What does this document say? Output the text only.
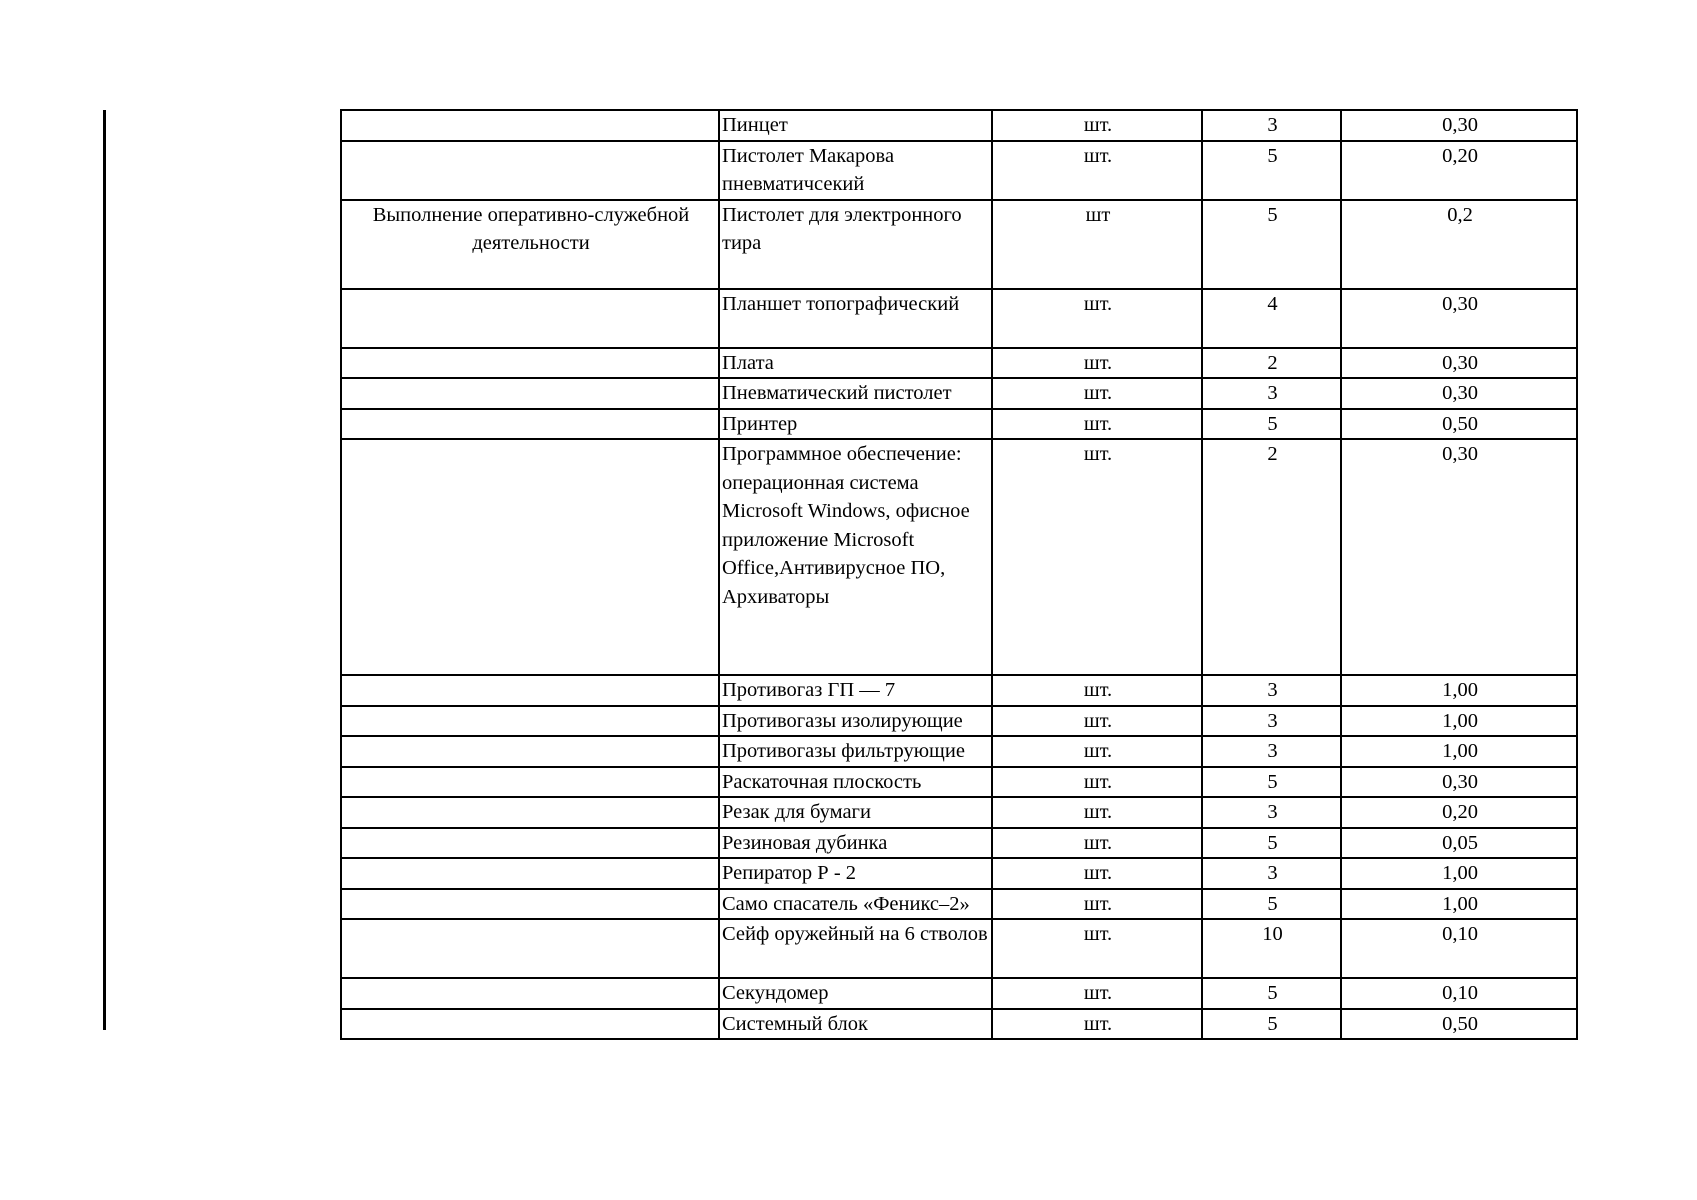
	Пинцет	шт.	3	0,30
	Пистолет Макарова пневматичсекий	шт.	5	0,20
Выполнение оперативно-служебной деятельности	Пистолет для электронного тира	шт	5	0,2
	Планшет топографический	шт.	4	0,30
	Плата	шт.	2	0,30
	Пневматический пистолет	шт.	3	0,30
	Принтер	шт.	5	0,50
	Программное обеспечение: операционная система Microsoft Windows, офисное приложение Microsoft Office,Антивирусное ПО, Архиваторы	шт.	2	0,30
	Противогаз ГП — 7	шт.	3	1,00
	Противогазы изолирующие	шт.	3	1,00
	Противогазы фильтрующие	шт.	3	1,00
	Раскаточная плоскость	шт.	5	0,30
	Резак для бумаги	шт.	3	0,20
	Резиновая дубинка	шт.	5	0,05
	Репиратор Р - 2	шт.	3	1,00
	Само спасатель «Феникс–2»	шт.	5	1,00
	Сейф оружейный на 6 стволов	шт.	10	0,10
	Секундомер	шт.	5	0,10
	Системный блок	шт.	5	0,50
